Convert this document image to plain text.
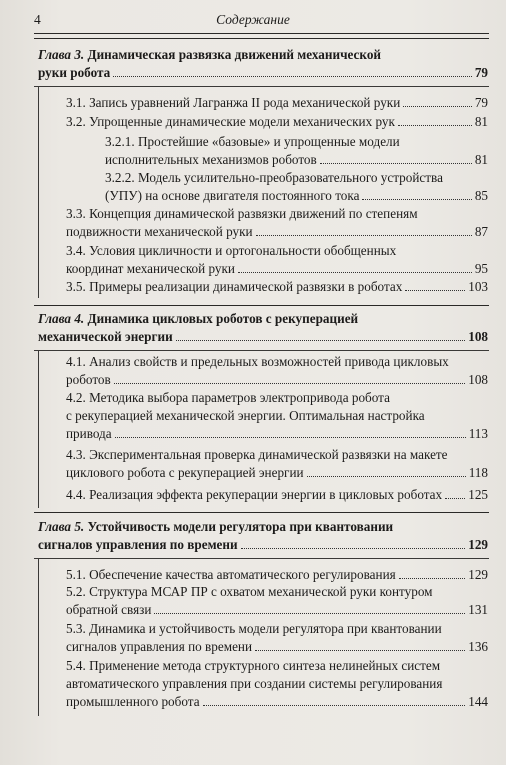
4	Содержание
Глава 3. Динамическая развязка движений механической
руки робота	79
3.1. Запись уравнений Лагранжа II рода механической руки	79
3.2. Упрощенные динамические модели механических рук	81
3.2.1. Простейшие «базовые» и упрощенные модели
исполнительных механизмов роботов	81
3.2.2. Модель усилительно-преобразовательного устройства
(УПУ) на основе двигателя постоянного тока	85
3.3. Концепция динамической развязки движений по степеням
подвижности механической руки	87
3.4. Условия цикличности и ортогональности обобщенных
координат механической руки	95
3.5. Примеры реализации динамической развязки в роботах	103
Глава 4. Динамика цикловых роботов с рекуперацией
механической энергии	108
4.1. Анализ свойств и предельных возможностей привода цикловых
роботов	108
4.2. Методика выбора параметров электропривода робота
с рекуперацией механической энергии. Оптимальная настройка
привода	113
4.3. Экспериментальная проверка динамической развязки на макете
циклового робота с рекуперацией энергии	118
4.4. Реализация эффекта рекуперации энергии в цикловых роботах 125
Глава 5. Устойчивость модели регулятора при квантовании
сигналов управления по времени	129
5.1. Обеспечение качества автоматического регулирования	129
5.2. Структура МСАР ПР с охватом механической руки контуром
обратной связи	131
5.3. Динамика и устойчивость модели регулятора при квантовании
сигналов управления по времени	136
5.4. Применение метода структурного синтеза нелинейных систем
автоматического управления при создании системы регулирования
промышленного робота	144
